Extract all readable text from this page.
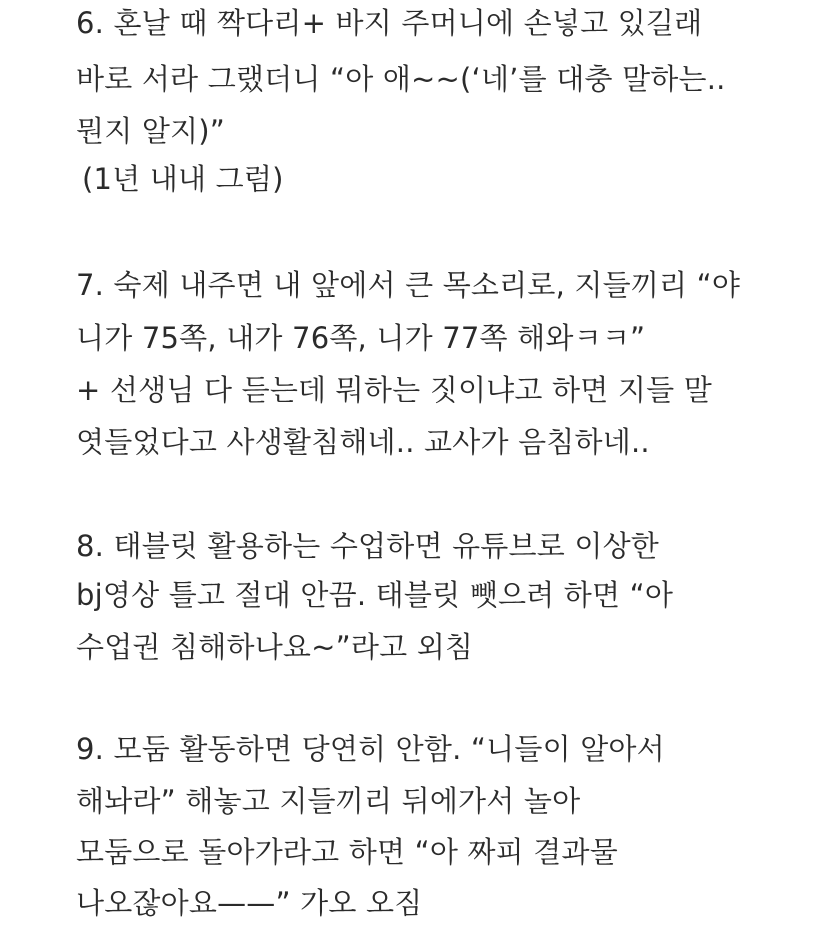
6. 혼날 때 짝다리+ 바지 주머니에 손넣고 있길래
바로 서라 그랬더니 “아 애~~(‘네’를 대충 말하는..
뭔지 알지)”
(1년 내내 그럼)
7. 숙제 내주면 내 앞에서 큰 목소리로, 지들끼리 “야
니가 75쪽, 내가 76쪽, 니가 77쪽 해와ㅋㅋ”
+ 선생님 다 듣는데 뭐하는 짓이냐고 하면 지들 말
엿들었다고 사생활침해네.. 교사가 음침하네..
8. 태블릿 활용하는 수업하면 유튜브로 이상한
bj영상 틀고 절대 안끔. 태블릿 뺏으려 하면 “아
수업권 침해하나요~”라고 외침
9. 모둠 활동하면 당연히 안함. “니들이 알아서
해놔라” 해놓고 지들끼리 뒤에가서 놀아
모둠으로 돌아가라고 하면 “아 짜피 결과물
나오잖아요——” 가오 오짐
